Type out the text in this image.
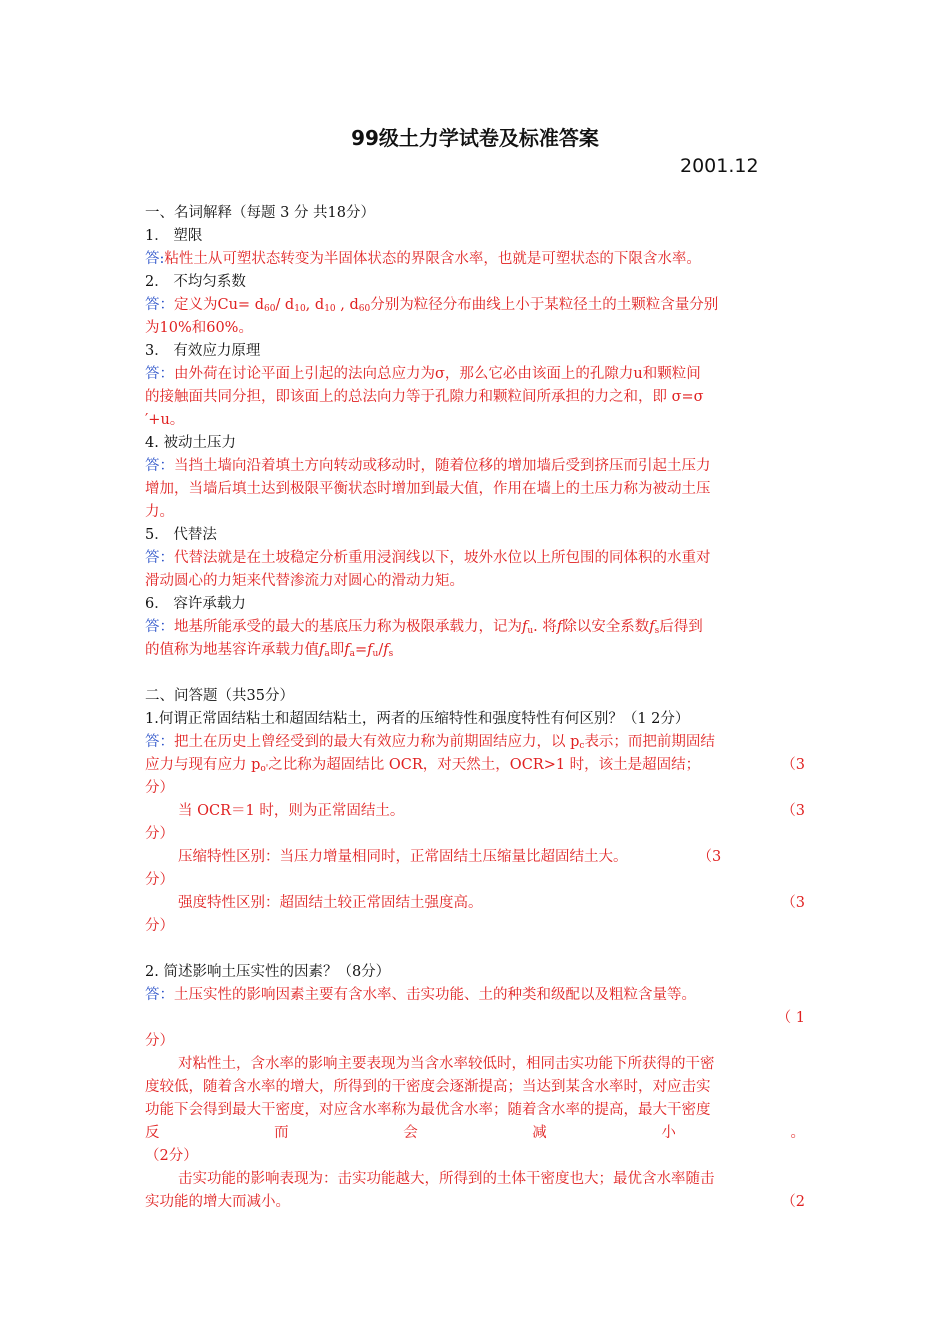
99级土力学试卷及标准答案
2001.12
一、名词解释（每题 3 分 共18分）
1． 塑限
答:粘性土从可塑状态转变为半固体状态的界限含水率，也就是可塑状态的下限含水率。
2． 不均匀系数
答：定义为$Cu= d_{60}/$ $d_{10}$, $d_{10}$ , $d_{60}$分别为粒径分布曲线上小于某粒径土的土颗粒含量分别
为10%和60%。
3． 有效应力原理
答：由外荷在讨论平面上引起的法向总应力为σ，那么它必由该面上的孔隙力u和颗粒间
的接触面共同分担，即该面上的总法向力等于孔隙力和颗粒间所承担的力之和，即 σ=σ
′+u。
4. 被动土压力
答：当挡土墙向沿着填土方向转动或移动时，随着位移的增加墙后受到挤压而引起土压力
增加，当墙后填土达到极限平衡状态时增加到最大值，作用在墙上的土压力称为被动土压
力。
5． 代替法
答：代替法就是在土坡稳定分析重用浸润线以下，坡外水位以上所包围的同体积的水重对
滑动圆心的力矩来代替渗流力对圆心的滑动力矩。
6． 容许承载力
答：地基所能承受的最大的基底压力称为极限承载力，记为$f_u$. 将f除以安全系数$f_s$后得到
的值称为地基容许承载力值$f_a$即$f_a=f_u/f_s$
二、问答题（共35分）
1.何谓正常固结粘土和超固结粘土，两者的压缩特性和强度特性有何区别？（1 2分）
答：把土在历史上曾经受到的最大有效应力称为前期固结应力，以 $p_c$表示；而把前期固结
应力与现有应力 $p_{o'}$之比称为超固结比 OCR，对天然土，OCR>1 时，该土是超固结；	（3
分）
当 OCR＝1 时，则为正常固结土。	（3
分）
压缩特性区别：当压力增量相同时，正常固结土压缩量比超固结土大。	（3
分）
强度特性区别：超固结土较正常固结土强度高。	（3
分）
2. 简述影响土压实性的因素？（8分）
答：土压实性的影响因素主要有含水率、击实功能、土的种类和级配以及粗粒含量等。
（ 1
分）
对粘性土，含水率的影响主要表现为当含水率较低时，相同击实功能下所获得的干密
度较低，随着含水率的增大，所得到的干密度会逐渐提高；当达到某含水率时，对应击实
功能下会得到最大干密度，对应含水率称为最优含水率；随着含水率的提高，最大干密度
反	而	会	减	小	。
（2分）
击实功能的影响表现为：击实功能越大，所得到的土体干密度也大；最优含水率随击
实功能的增大而减小。	（2
